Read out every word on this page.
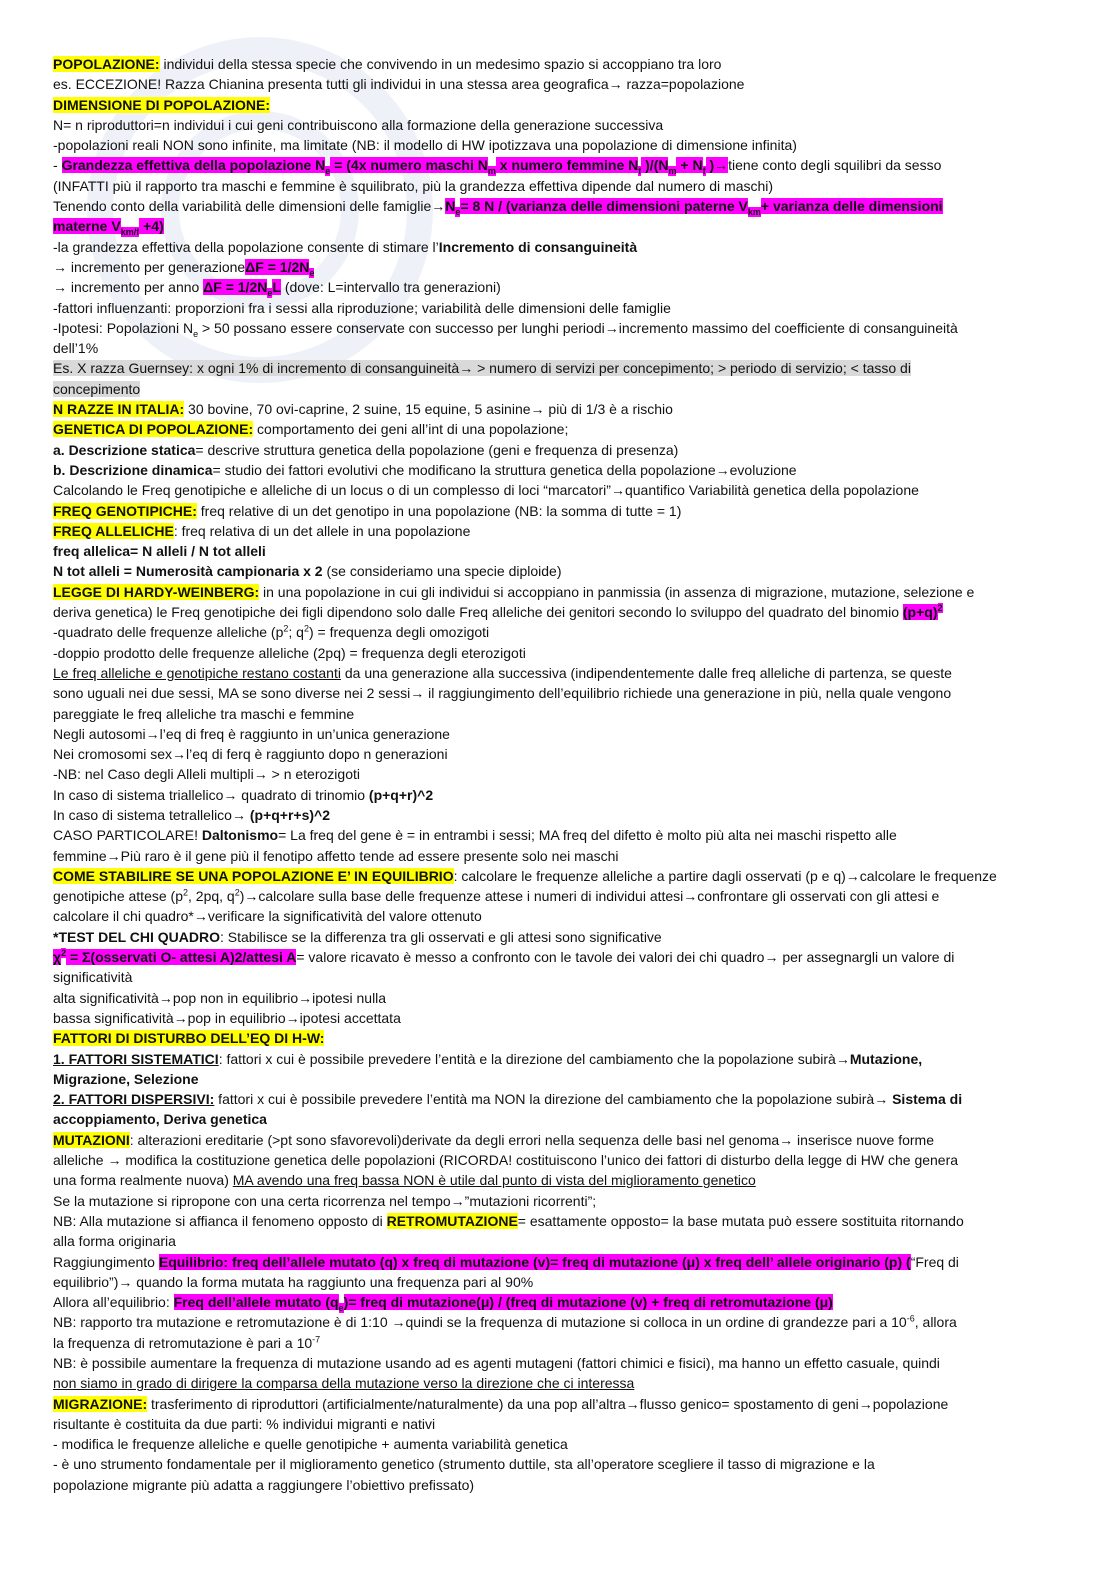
POPOLAZIONE: individui della stessa specie che convivendo in un medesimo spazio si accoppiano tra loro
es. ECCEZIONE! Razza Chianina presenta tutti gli individui in una stessa area geografica→ razza=popolazione
DIMENSIONE DI POPOLAZIONE:
N= n riproduttori=n individui i cui geni contribuiscono alla formazione della generazione successiva
-popolazioni reali NON sono infinite, ma limitate (NB: il modello di HW ipotizzava una popolazione di dimensione infinita)
- Grandezza effettiva della popolazione $N_e = (4x$ numero maschi $N_m$ x numero femmine $N_f$ )$/(N_m + N_f$ )→tiene conto degli squilibri da sesso
(INFATTI più il rapporto tra maschi e femmine è squilibrato, più la grandezza effettiva dipende dal numero di maschi)
Tenendo conto della variabilità delle dimensioni delle $famiglie\to N_e= 8$ N / (varianza delle dimensioni paterne $V_{km}+$ varianza delle dimensioni
materne $V_{km/f} +4$)
-la grandezza effettiva della popolazione consente di stimare l’Incremento di consanguineità
→ incremento per generazioneΔF = $1/2N_e$
→ incremento per anno $\Delta F = 1/2N_eL$ (dove: L=intervallo tra generazioni)
-fattori influenzanti: proporzioni fra i sessi alla riproduzione; variabilità delle dimensioni delle famiglie
-Ipotesi: Popolazioni $N_e > 50$ possano essere conservate con successo per lunghi periodi→incremento massimo del coefficiente di consanguineità
dell’1%
Es. X razza Guernsey: x ogni 1% di incremento di consanguineità→ > numero di servizi per concepimento; > periodo di servizio; < tasso di
concepimento
N RAZZE IN ITALIA: 30 bovine, 70 ovi-caprine, 2 suine, 15 equine, 5 asinine→ più di 1/3 è a rischio
GENETICA DI POPOLAZIONE: comportamento dei geni all’int di una popolazione;
a. Descrizione statica= descrive struttura genetica della popolazione (geni e frequenza di presenza)
b. Descrizione dinamica= studio dei fattori evolutivi che modificano la struttura genetica della popolazione→evoluzione
Calcolando le Freq genotipiche e alleliche di un locus o di un complesso di loci “marcatori”→quantifico Variabilità genetica della popolazione
FREQ GENOTIPICHE: freq relative di un det genotipo in una popolazione (NB: la somma di tutte = 1)
FREQ ALLELICHE: freq relativa di un det allele in una popolazione
freq allelica= N alleli / N tot alleli
N tot alleli = Numerosità campionaria x 2 (se consideriamo una specie diploide)
LEGGE DI HARDY-WEINBERG: in una popolazione in cui gli individui si accoppiano in panmissia (in assenza di migrazione, mutazione, selezione e
deriva genetica) le Freq genotipiche dei figli dipendono solo dalle Freq alleliche dei genitori secondo lo sviluppo del quadrato del binomio $(p+q)^2$
-quadrato delle frequenze alleliche ($p^2$; $q^2$) = frequenza degli omozigoti
-doppio prodotto delle frequenze alleliche (2pq) = frequenza degli eterozigoti
Le freq alleliche e genotipiche restano costanti da una generazione alla successiva (indipendentemente dalle freq alleliche di partenza, se queste
sono uguali nei due sessi, MA se sono diverse nei 2 sessi→ il raggiungimento dell’equilibrio richiede una generazione in più, nella quale vengono
pareggiate le freq alleliche tra maschi e femmine
Negli autosomi→l’eq di freq è raggiunto in un’unica generazione
Nei cromosomi sex→l’eq di ferq è raggiunto dopo n generazioni
-NB: nel Caso degli Alleli multipli→ > n eterozigoti
In caso di sistema triallelico→ quadrato di trinomio (p+q+r)^2
In caso di sistema tetrallelico→ (p+q+r+s)^2
CASO PARTICOLARE! Daltonismo= La freq del gene è = in entrambi i sessi; MA freq del difetto è molto più alta nei maschi rispetto alle
femmine→Più raro è il gene più il fenotipo affetto tende ad essere presente solo nei maschi
COME STABILIRE SE UNA POPOLAZIONE E’ IN EQUILIBRIO: calcolare le frequenze alleliche a partire dagli osservati (p e q)→calcolare le frequenze
genotipiche attese ($p^2$, 2pq, $q^2)\to calcolare$ sulla base delle frequenze attese i numeri di individui attesi→confrontare gli osservati con gli attesi e
calcolare il chi quadro*→verificare la significatività del valore ottenuto
*TEST DEL CHI QUADRO: Stabilisce se la differenza tra gli osservati e gli attesi sono significative
$\chi^2$ = Σ(osservati O- attesi A)2/attesi A= valore ricavato è messo a confronto con le tavole dei valori dei chi quadro→ per assegnargli un valore di
significatività
alta significatività→pop non in equilibrio→ipotesi nulla
bassa significatività→pop in equilibrio→ipotesi accettata
FATTORI DI DISTURBO DELL’EQ DI H-W:
1. FATTORI SISTEMATICI: fattori x cui è possibile prevedere l’entità e la direzione del cambiamento che la popolazione subirà→Mutazione,
Migrazione, Selezione
2. FATTORI DISPERSIVI: fattori x cui è possibile prevedere l’entità ma NON la direzione del cambiamento che la popolazione subirà→ Sistema di
accoppiamento, Deriva genetica
MUTAZIONI: alterazioni ereditarie (>pt sono sfavorevoli)derivate da degli errori nella sequenza delle basi nel genoma→ inserisce nuove forme
alleliche → modifica la costituzione genetica delle popolazioni (RICORDA! costituiscono l’unico dei fattori di disturbo della legge di HW che genera
una forma realmente nuova) MA avendo una freq bassa NON è utile dal punto di vista del miglioramento genetico
Se la mutazione si ripropone con una certa ricorrenza nel tempo→”mutazioni ricorrenti”;
NB: Alla mutazione si affianca il fenomeno opposto di RETROMUTAZIONE= esattamente opposto= la base mutata può essere sostituita ritornando
alla forma originaria
Raggiungimento Equilibrio: freq dell’allele mutato (q) x freq di mutazione (v)= freq di mutazione (μ) x freq dell’ allele originario (p) (“Freq di
equilibrio”)→ quando la forma mutata ha raggiunto una frequenza pari al 90%
Allora all’equilibrio: Freq dell’allele mutato $(q_e)=$ freq di mutazione(μ) / (freq di mutazione (v) + freq di retromutazione (μ)
NB: rapporto tra mutazione e retromutazione è di 1:10 →quindi se la frequenza di mutazione si colloca in un ordine di grandezze pari a $10^{-6}$, allora
la frequenza di retromutazione è pari a $10^{-7}$
NB: è possibile aumentare la frequenza di mutazione usando ad es agenti mutageni (fattori chimici e fisici), ma hanno un effetto casuale, quindi
non siamo in grado di dirigere la comparsa della mutazione verso la direzione che ci interessa
MIGRAZIONE: trasferimento di riproduttori (artificialmente/naturalmente) da una pop all’altra→flusso genico= spostamento di geni→popolazione
risultante è costituita da due parti: % individui migranti e nativi
- modifica le frequenze alleliche e quelle genotipiche + aumenta variabilità genetica
- è uno strumento fondamentale per il miglioramento genetico (strumento duttile, sta all’operatore scegliere il tasso di migrazione e la
popolazione migrante più adatta a raggiungere l’obiettivo prefissato)
